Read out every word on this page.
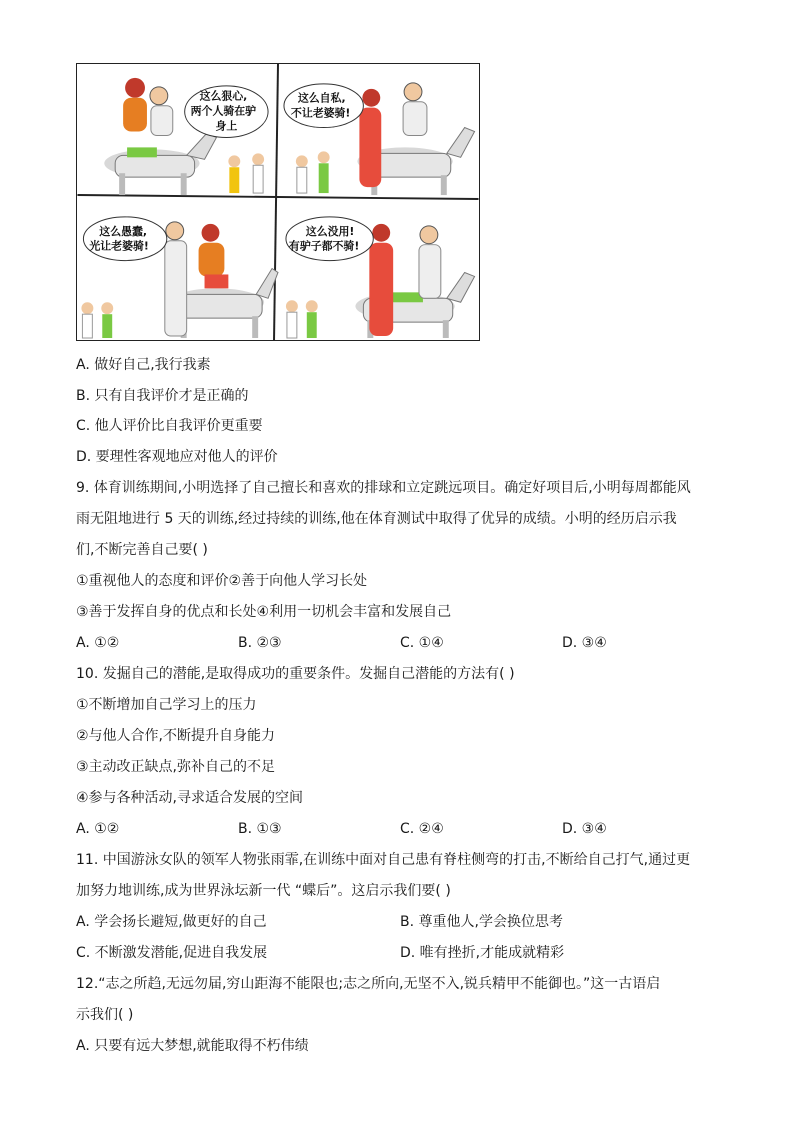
这么狠心,
两个人骑在驴
身上
这么自私,
不让老婆骑!
这么愚蠢,
光让老婆骑!
这么没用!
有驴子都不骑!
A. 做好自己,我行我素
B. 只有自我评价才是正确的
C. 他人评价比自我评价更重要
D. 要理性客观地应对他人的评价
9. 体育训练期间,小明选择了自己擅长和喜欢的排球和立定跳远项目。确定好项目后,小明每周都能风
雨无阻地进行 5 天的训练,经过持续的训练,他在体育测试中取得了优异的成绩。小明的经历启示我
们,不断完善自己要( )
①重视他人的态度和评价②善于向他人学习长处
③善于发挥自身的优点和长处④利用一切机会丰富和发展自己
A. ①②	B. ②③	C. ①④	D. ③④
10. 发掘自己的潜能,是取得成功的重要条件。发掘自己潜能的方法有( )
①不断增加自己学习上的压力
②与他人合作,不断提升自身能力
③主动改正缺点,弥补自己的不足
④参与各种活动,寻求适合发展的空间
A. ①②	B. ①③	C. ②④	D. ③④
11. 中国游泳女队的领军人物张雨霏,在训练中面对自己患有脊柱侧弯的打击,不断给自己打气,通过更
加努力地训练,成为世界泳坛新一代 “蝶后”。这启示我们要( )
A. 学会扬长避短,做更好的自己	B. 尊重他人,学会换位思考
C. 不断激发潜能,促进自我发展	D. 唯有挫折,才能成就精彩
12.“志之所趋,无远勿届,穷山距海不能限也;志之所向,无坚不入,锐兵精甲不能御也。”这一古语启
示我们( )
A. 只要有远大梦想,就能取得不朽伟绩
